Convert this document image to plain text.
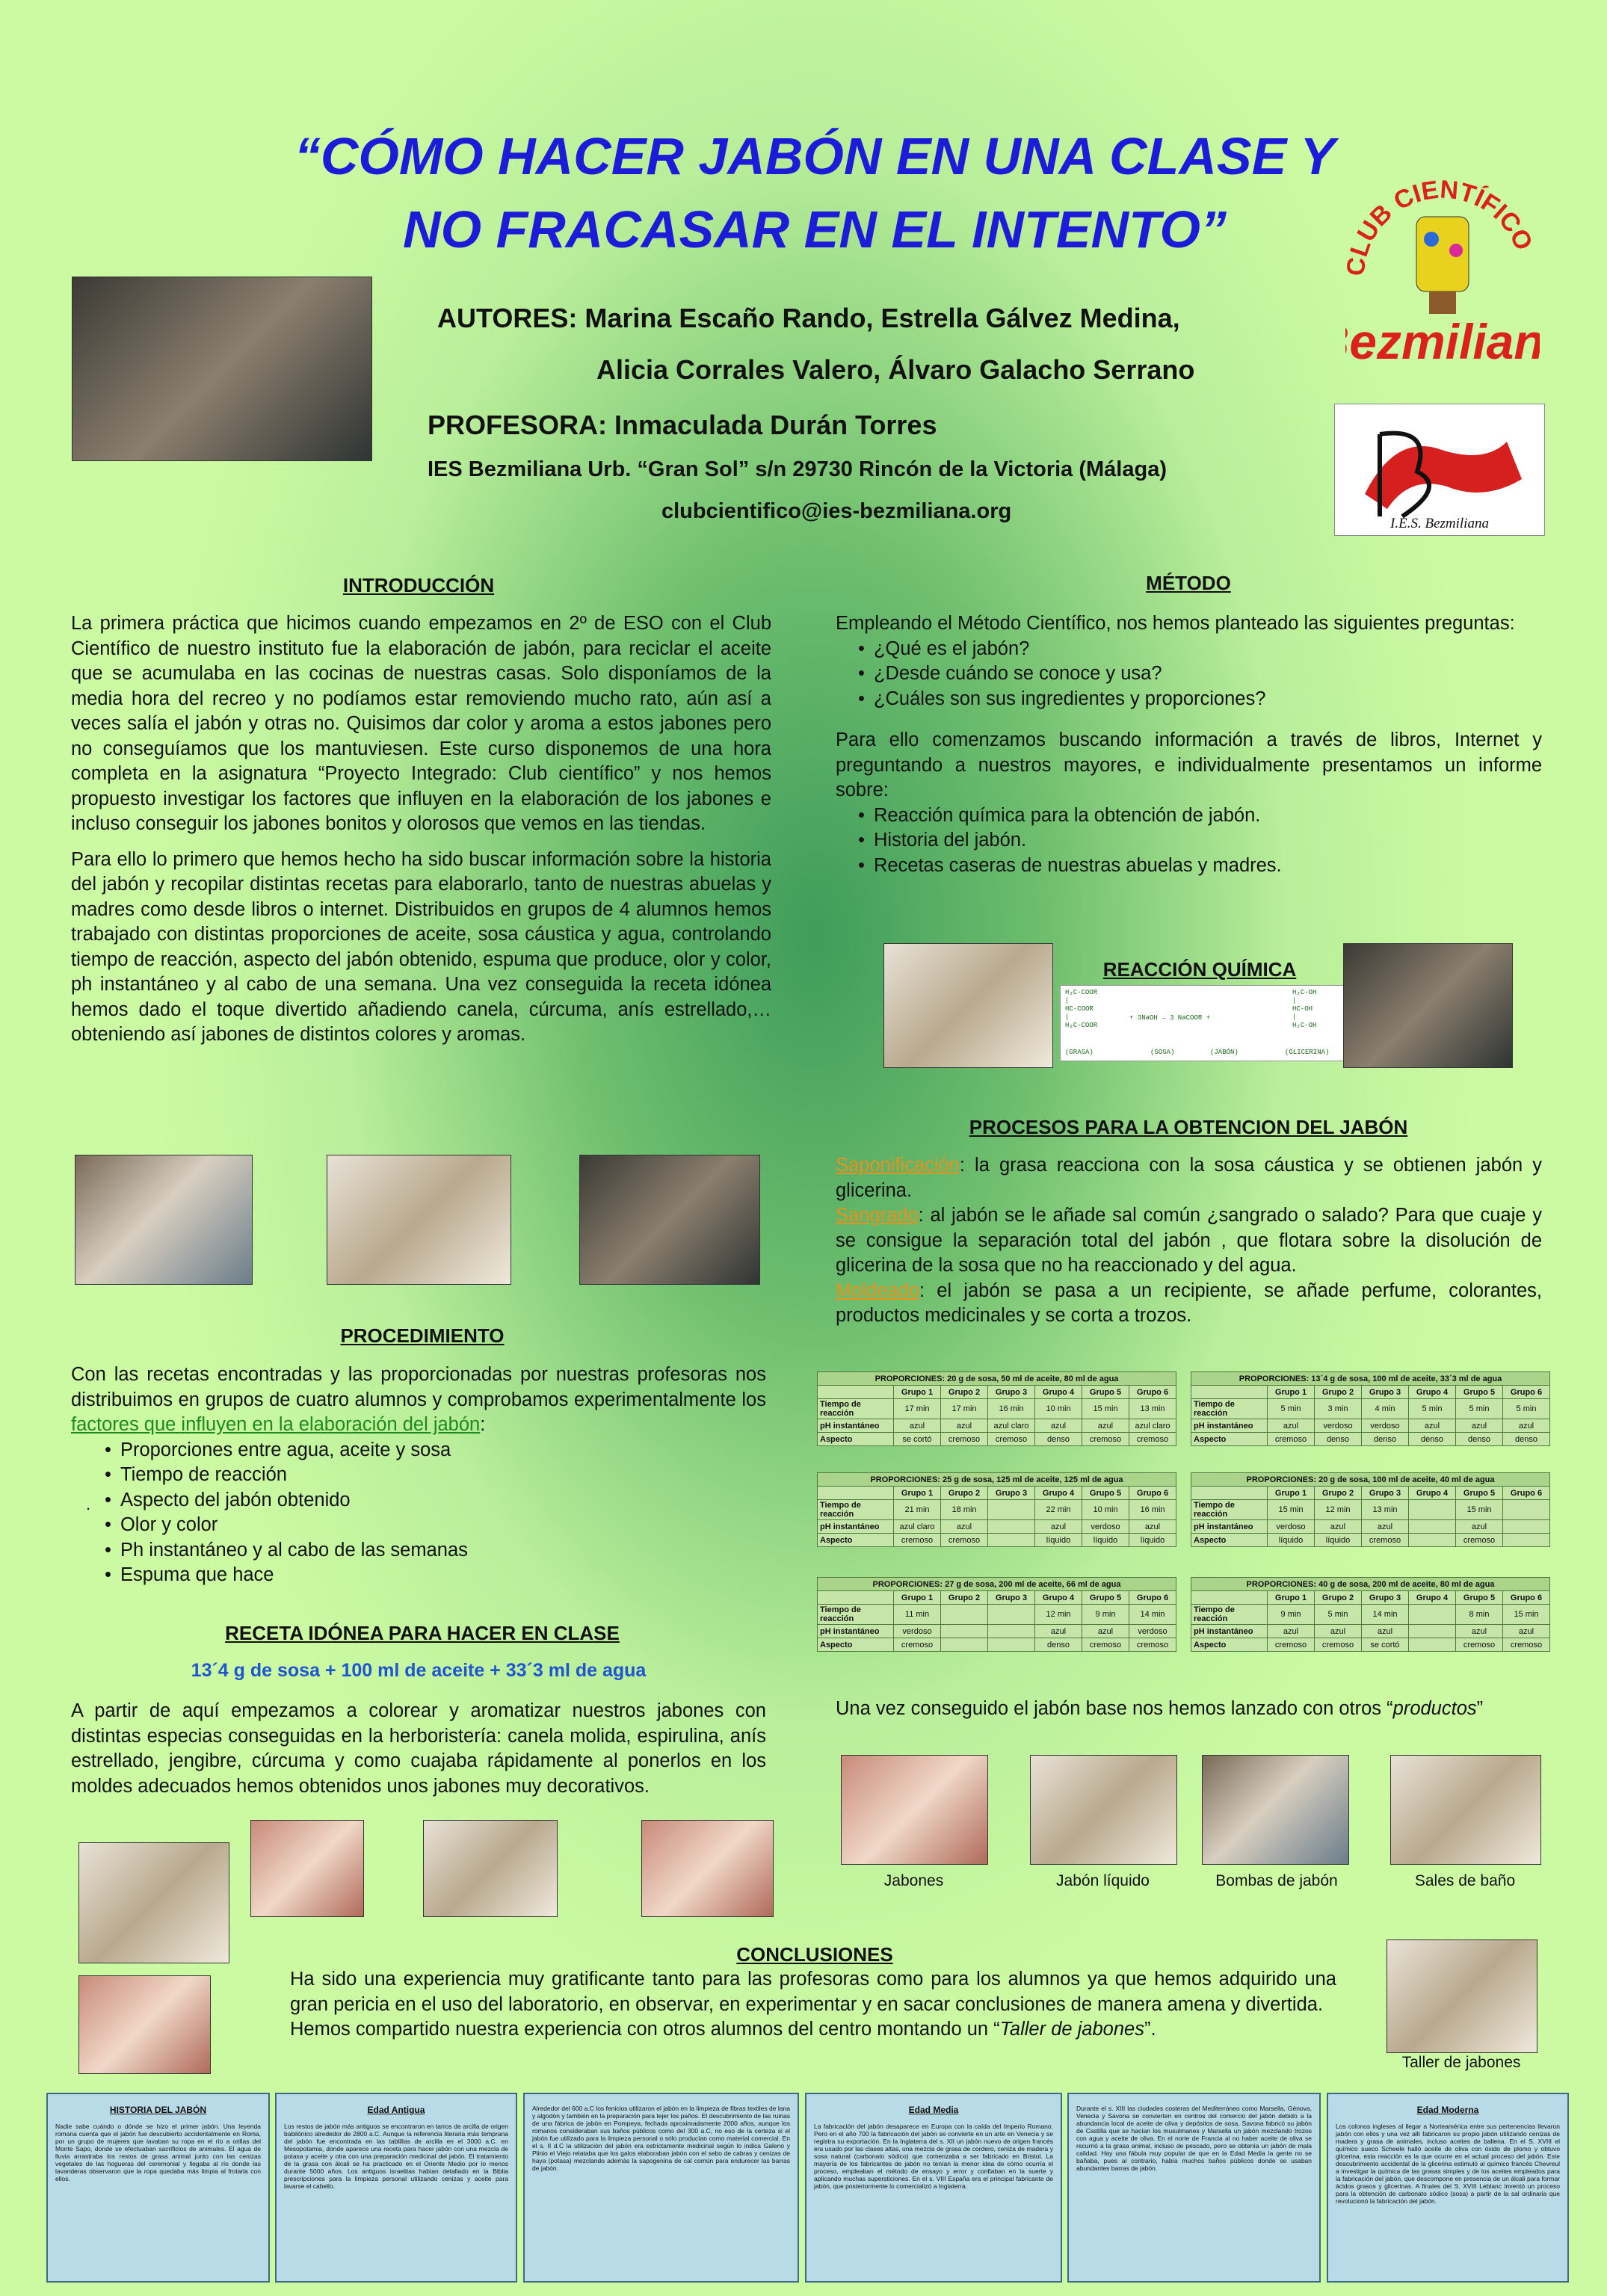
“CÓMO HACER JABÓN EN UNA CLASE Y
NO FRACASAR EN EL INTENTO”
AUTORES: Marina Escaño Rando, Estrella Gálvez Medina,
Alicia Corrales Valero, Álvaro Galacho Serrano
PROFESORA: Inmaculada Durán Torres
IES Bezmiliana Urb. “Gran Sol” s/n 29730 Rincón de la Victoria (Málaga)
clubcientifico@ies-bezmiliana.org
LUB CIENTÍFICO
ezmilia
I.E.S. Bezmiliana
INTRODUCCIÓN

La primera práctica que hicimos cuando empezamos en 2º de ESO con el Club Científico de nuestro instituto fue la elaboración de jabón, para reciclar el aceite que se acumulaba en las cocinas de nuestras casas. Solo disponíamos de la media hora del recreo y no podíamos estar removiendo mucho rato, aún así a veces salía el jabón y otras no. Quisimos dar color y aroma a estos jabones pero no conseguíamos que los mantuviesen. Este curso disponemos de una hora completa en la asignatura “Proyecto Integrado: Club científico” y nos hemos propuesto investigar los factores que influyen en la elaboración de los jabones e incluso conseguir los jabones bonitos y olorosos que vemos en las tiendas.

Para ello lo primero que hemos hecho ha sido buscar información sobre la historia del jabón y recopilar distintas recetas para elaborarlo, tanto de nuestras abuelas y madres como desde libros o internet. Distribuidos en grupos de 4 alumnos hemos trabajado con distintas proporciones de aceite, sosa cáustica y agua, controlando tiempo de reacción, aspecto del jabón obtenido, espuma que produce, olor y color, ph instantáneo y al cabo de una semana. Una vez conseguida la receta idónea hemos dado el toque divertido añadiendo canela, cúrcuma, anís estrellado,… obteniendo así jabones de distintos colores y aromas.

PROCEDIMIENTO
Con las recetas encontradas y las proporcionadas por nuestras profesoras nos distribuimos en grupos de cuatro alumnos y comprobamos experimentalmente los factores que influyen en la elaboración del jabón:
• Proporciones entre agua, aceite y sosa
• Tiempo de reacción
• Aspecto del jabón obtenido
• Olor y color
• Ph instantáneo y al cabo de las semanas
• Espuma que hace
.
RECETA IDÓNEA PARA HACER EN CLASE
13´4 g de sosa + 100 ml de aceite + 33´3 ml de agua
A partir de aquí empezamos a colorear y aromatizar nuestros jabones con distintas especias conseguidas en la herboristería: canela molida, espirulina, anís estrellado, jengibre, cúrcuma y como cuajaba rápidamente al ponerlos en los moldes adecuados hemos obtenidos unos jabones muy decorativos.
MÉTODO

Empleando el Método Científico, nos hemos planteado las siguientes preguntas:

• ¿Qué es el jabón?
• ¿Desde cuándo se conoce y usa?
• ¿Cuáles son sus ingredientes y proporciones?

Para ello comenzamos buscando información a través de libros, Internet y preguntando a nuestros mayores, e individualmente presentamos un informe sobre:

• Reacción química para la obtención de jabón.
• Historia del jabón.
• Recetas caseras de nuestras abuelas y madres.
REACCIÓN QUÍMICA
H₂C-COOR
|
HC-COOR
|
H₂C-COOR
+ 3NaOH → 3 NaCOOR +
H₂C-OH
|
HC-OH
|
H₂C-OH
(GRASA)	(SOSA)	(JABÓN)	(GLICERINA)
PROCESOS PARA LA OBTENCION DEL JABÓN
Saponificación: la grasa reacciona con la sosa cáustica y se obtienen jabón y glicerina.
Sangrado: al jabón se le añade sal común ¿sangrado o salado? Para que cuaje y se consigue la separación total del jabón , que flotara sobre la disolución de glicerina de la sosa que no ha reaccionado y del agua.
Moldeado: el jabón se pasa a un recipiente, se añade perfume, colorantes, productos medicinales y se corta a trozos.
PROPORCIONES: 20 g de sosa, 50 ml de aceite, 80 ml de agua						
	Grupo 1	Grupo 2	Grupo 3	Grupo 4	Grupo 5	Grupo 6
Tiempo de reacción	17 min	17 min	16 min	10 min	15 min	13 min
pH instantáneo	azul	azul	azul claro	azul	azul	azul claro
Aspecto	se cortó	cremoso	cremoso	denso	cremoso	cremoso
PROPORCIONES: 13´4 g de sosa, 100 ml de aceite, 33´3 ml de agua						
	Grupo 1	Grupo 2	Grupo 3	Grupo 4	Grupo 5	Grupo 6
Tiempo de reacción	5 min	3 min	4 min	5 min	5 min	5 min
pH instantáneo	azul	verdoso	verdoso	azul	azul	azul
Aspecto	cremoso	denso	denso	denso	denso	denso
PROPORCIONES: 25 g de sosa, 125 ml de aceite, 125 ml de agua						
	Grupo 1	Grupo 2	Grupo 3	Grupo 4	Grupo 5	Grupo 6
Tiempo de reacción	21 min	18 min		22 min	10 min	16 min
pH instantáneo	azul claro	azul		azul	verdoso	azul
Aspecto	cremoso	cremoso		líquido	líquido	líquido
PROPORCIONES: 20 g de sosa, 100 ml de aceite, 40 ml de agua						
	Grupo 1	Grupo 2	Grupo 3	Grupo 4	Grupo 5	Grupo 6
Tiempo de reacción	15 min	12 min	13 min		15 min	
pH instantáneo	verdoso	azul	azul		azul	
Aspecto	líquido	líquido	cremoso		cremoso	
PROPORCIONES: 27 g de sosa, 200 ml de aceite, 66 ml de agua						
	Grupo 1	Grupo 2	Grupo 3	Grupo 4	Grupo 5	Grupo 6
Tiempo de reacción	11 min			12 min	9 min	14 min
pH instantáneo	verdoso			azul	azul	verdoso
Aspecto	cremoso			denso	cremoso	cremoso
PROPORCIONES: 40 g de sosa, 200 ml de aceite, 80 ml de agua						
	Grupo 1	Grupo 2	Grupo 3	Grupo 4	Grupo 5	Grupo 6
Tiempo de reacción	9 min	5 min	14 min		8 min	15 min
pH instantáneo	azul	azul	azul		azul	azul
Aspecto	cremoso	cremoso	se cortó		cremoso	cremoso
Una vez conseguido el jabón base nos hemos lanzado con otros “productos”
Jabones	Jabón líquido	Bombas de jabón	Sales de baño
CONCLUSIONES
Ha sido una experiencia muy gratificante tanto para las profesoras como para los alumnos ya que hemos adquirido una gran pericia en el uso del laboratorio, en observar, en experimentar y en sacar conclusiones de manera amena y divertida.
Hemos compartido nuestra experiencia con otros alumnos del centro montando un “Taller de jabones”.
Taller de jabones
HISTORIA DEL JABÓN
Nadie sabe cuándo o dónde se hizo el primer jabón. Una leyenda romana cuenta que el jabón fue descubierto accidentalmente en Roma, por un grupo de mujeres que lavaban su ropa en el río a orillas del Monte Sapo, donde se efectuaban sacrificios de animales. El agua de lluvia arrastraba los restos de grasa animal junto con las cenizas vegetales de las hogueras del ceremonial y llegaba al río donde las lavanderas observaron que la ropa quedaba más limpia al frotarla con ellos.
Edad Antigua
Los restos de jabón más antiguos se encontraron en tarros de arcilla de origen babilónico alrededor de 2800 a.C. Aunque la referencia literaria más temprana del jabón fue encontrada en las tablillas de arcilla en el 3000 a.C. en Mesopotamia, donde aparece una receta para hacer jabón con una mezcla de potasa y aceite y otra con una preparación medicinal del jabón. El tratamiento de la grasa con álcali se ha practicado en el Oriente Medio por lo menos durante 5000 años. Los antiguos israelitas habían detallado en la Biblia prescripciones para la limpieza personal utilizando cenizas y aceite para lavarse el cabello.
Alrededor del 600 a.C los fenicios utilizaron el jabón en la limpieza de fibras textiles de lana y algodón y también en la preparación para tejer los paños. El descubrimiento de las ruinas de una fábrica de jabón en Pompeya, fechada aproximadamente 2000 años, aunque los romanos consideraban sus baños públicos como del 300 a.C, no eso de la certeza si el jabón fue utilizado para la limpieza personal o sólo producían como material comercial. En el s. II d.C la utilización del jabón era estrictamente medicinal según lo indica Galeno y Plinio el Viejo relataba que los galos elaboraban jabón con el sebo de cabras y cenizas de haya (potasa) mezclando además la sapogenina de cal común para endurecer las barras de jabón.
Edad Media
La fabricación del jabón desaparece en Europa con la caída del Imperio Romano. Pero en el año 700 la fabricación del jabón se convierte en un arte en Venecia y se registra su exportación. En la Inglaterra del s. XII un jabón nuevo de origen francés era usado por las clases altas, una mezcla de grasa de cordero, ceniza de madera y sosa natural (carbonato sódico) que comenzaba a ser fabricado en Bristol. La mayoría de los fabricantes de jabón no tenían la menor idea de cómo ocurría el proceso, empleaban el método de ensayo y error y confiaban en la suerte y aplicando muchas supersticiones. En el s. VIII España era el principal fabricante de jabón, que posteriormente lo comercializó a Inglaterra.
Durante el s. XIII las ciudades costeras del Mediterráneo como Marsella, Génova, Venecia y Savona se convierten en centros del comercio del jabón debido a la abundancia local de aceite de oliva y depósitos de sosa. Savona fabricó su jabón de Castilla que se hacían los musulmanes y Marsella un jabón mezclando trozos con agua y aceite de oliva. En el norte de Francia al no haber aceite de oliva se recurrió a la grasa animal, incluso de pescado, pero se obtenía un jabón de mala calidad. Hay una fábula muy popular de que en la Edad Media la gente no se bañaba, pues al contrario, había muchos baños públicos donde se usaban abundantes barras de jabón.
Edad Moderna
Los colonos ingleses al llegar a Norteamérica entre sus pertenencias llevaron jabón con ellos y una vez allí fabricaron su propio jabón utilizando cenizas de madera y grasa de animales, incluso aceites de ballena. En el S. XVIII el químico sueco Scheele halló aceite de oliva con óxido de plomo y obtuvo glicerina, esta reacción es la que ocurre en el actual proceso del jabón. Este descubrimiento accidental de la glicerina estimuló al químico francés Chevreul a investigar la química de las grasas simples y de los aceites empleados para la fabricación del jabón, que descompone en presencia de un álcali para formar ácidos grasos y glicerinas. A finales del S. XVIII Leblanc inventó un proceso para la obtención de carbonato sódico (sosa) a partir de la sal ordinaria que revolucionó la fabricación del jabón.
